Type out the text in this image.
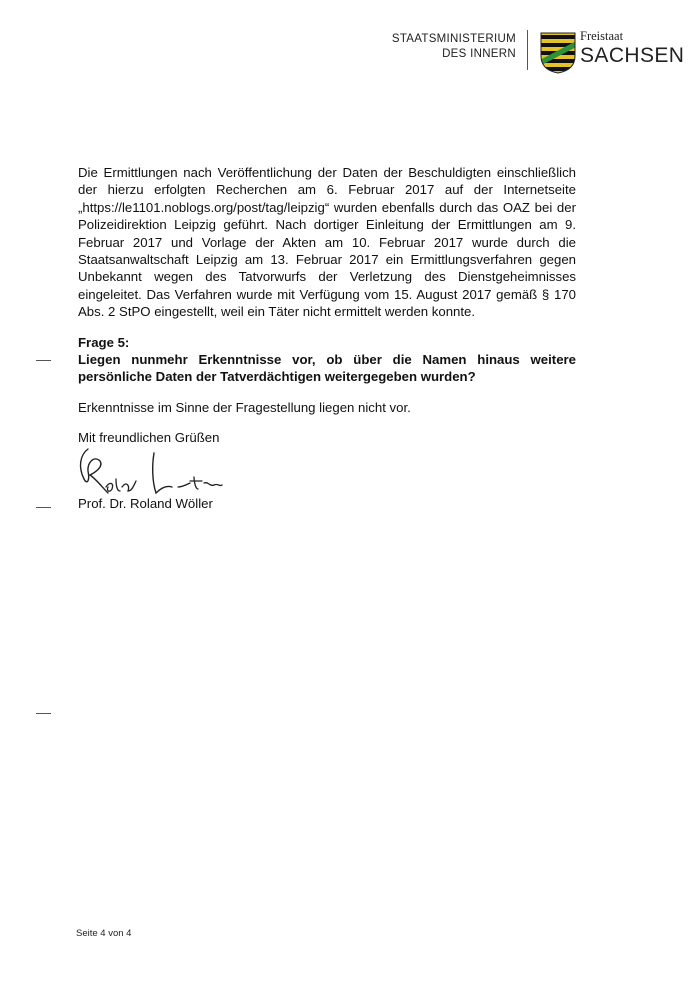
STAATSMINISTERIUM
DES INNERN
Freistaat
SACHSEN

Die Ermittlungen nach Veröffentlichung der Daten der Beschuldigten einschließlich der hierzu erfolgten Recherchen am 6. Februar 2017 auf der Internetseite „https://le1101.noblogs.org/post/tag/leipzig“ wurden ebenfalls durch das OAZ bei der Polizeidirektion Leipzig geführt. Nach dortiger Einleitung der Ermittlungen am 9. Februar 2017 und Vorlage der Akten am 10. Februar 2017 wurde durch die Staatsanwaltschaft Leipzig am 13. Februar 2017 ein Ermittlungsverfahren gegen Unbekannt wegen des Tatvorwurfs der Verletzung des Dienstgeheimnisses eingeleitet. Das Verfahren wurde mit Verfügung vom 15. August 2017 gemäß § 170 Abs. 2 StPO eingestellt, weil ein Täter nicht ermittelt werden konnte.

Frage 5:

Liegen nunmehr Erkenntnisse vor, ob über die Namen hinaus weitere persönliche Daten der Tatverdächtigen weitergegeben wurden?

Erkenntnisse im Sinne der Fragestellung liegen nicht vor.

Mit freundlichen Grüßen

Prof. Dr. Roland Wöller

Seite 4 von 4
